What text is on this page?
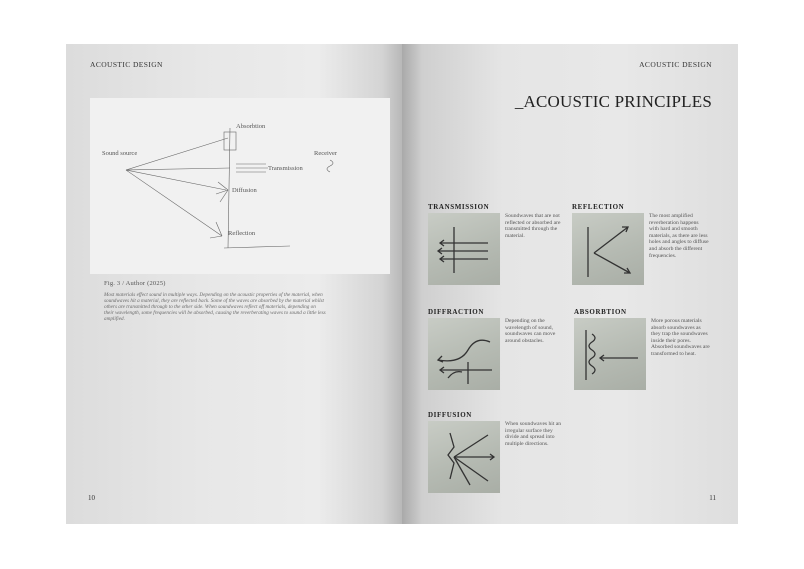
ACOUSTIC DESIGN
Sound source
Absorbtion
Transmission
Receiver
Diffusion
Reflection
Fig. 3 / Author (2025)

Most materials effect sound in multiple ways. Depending on the acoustic properties of the material, when soundwaves hit a material, they are reflected back. Some of the waves are absorbed by the material whilst others are transmitted through to the other side. When soundwaves reflect off materials, depending on their wavelength, some frequencies will be absorbed, causing the reverberating waves to sound a little less amplified.

10
ACOUSTIC DESIGN
_ACOUSTIC PRINCIPLES
TRANSMISSION

Soundwaves that are not reflected or absorbed are transmitted through the material.

REFLECTION

The most amplified reverberation happens with hard and smooth materials, as there are less holes and angles to diffuse and absorb the different frequencies.

DIFFRACTION

Depending on the wavelength of sound, soundwaves can move around obstacles.

ABSORBTION

More porous materials absorb soundwaves as they trap the soundwaves inside their pores. Absorbed soundwaves are transformed to heat.

DIFFUSION

When soundwaves hit an irregular surface they divide and spread into multiple directions.

11
